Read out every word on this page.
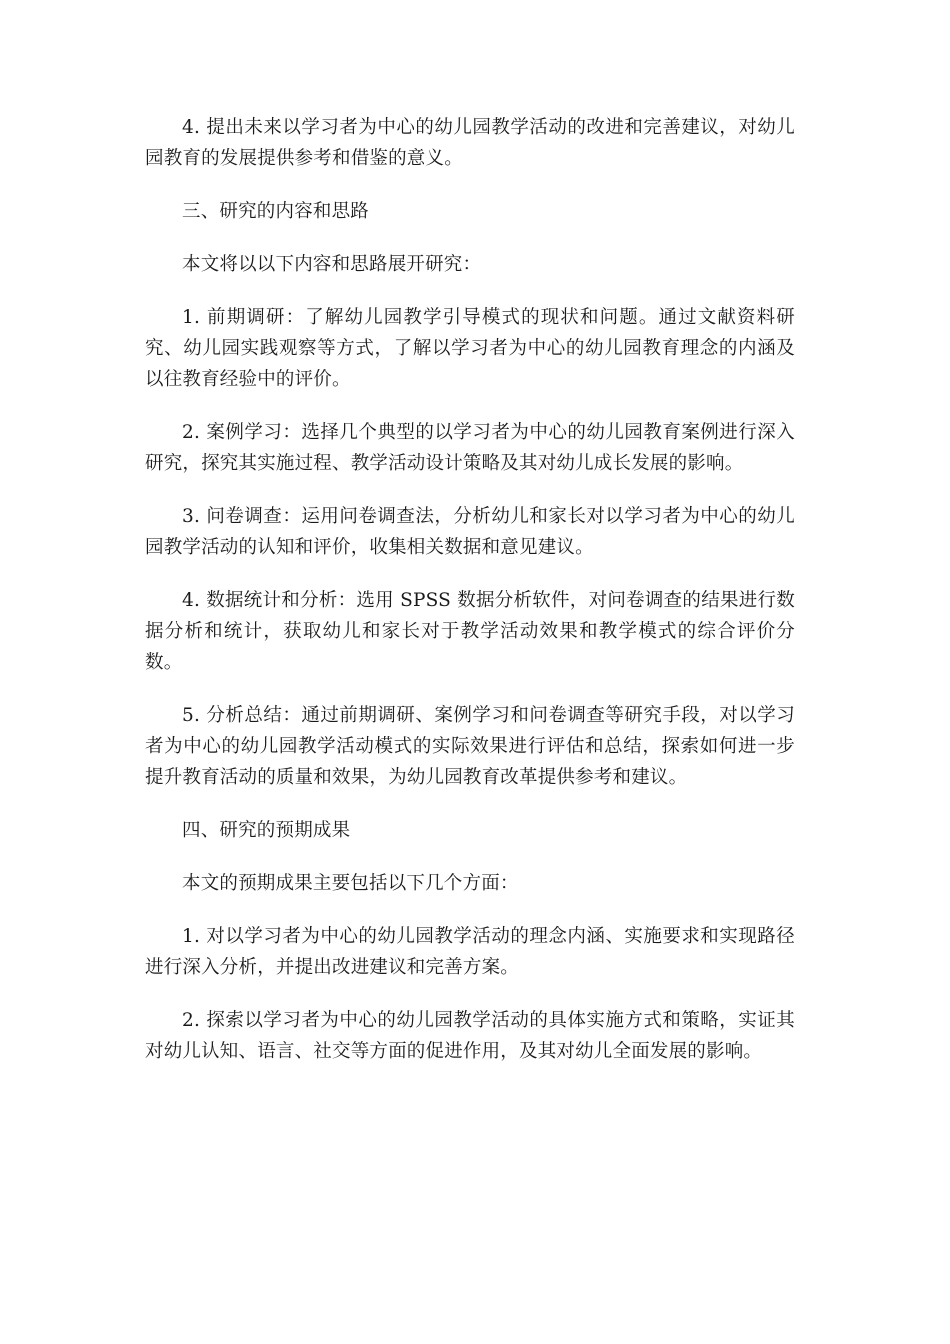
4. 提出未来以学习者为中心的幼儿园教学活动的改进和完善建议，对幼儿园教育的发展提供参考和借鉴的意义。

三、研究的内容和思路

本文将以以下内容和思路展开研究：

1. 前期调研：了解幼儿园教学引导模式的现状和问题。通过文献资料研究、幼儿园实践观察等方式，了解以学习者为中心的幼儿园教育理念的内涵及以往教育经验中的评价。

2. 案例学习：选择几个典型的以学习者为中心的幼儿园教育案例进行深入研究，探究其实施过程、教学活动设计策略及其对幼儿成长发展的影响。

3. 问卷调查：运用问卷调查法，分析幼儿和家长对以学习者为中心的幼儿园教学活动的认知和评价，收集相关数据和意见建议。

4. 数据统计和分析：选用 SPSS 数据分析软件，对问卷调查的结果进行数据分析和统计，获取幼儿和家长对于教学活动效果和教学模式的综合评价分数。

5. 分析总结：通过前期调研、案例学习和问卷调查等研究手段，对以学习者为中心的幼儿园教学活动模式的实际效果进行评估和总结，探索如何进一步提升教育活动的质量和效果，为幼儿园教育改革提供参考和建议。

四、研究的预期成果

本文的预期成果主要包括以下几个方面：

1. 对以学习者为中心的幼儿园教学活动的理念内涵、实施要求和实现路径进行深入分析，并提出改进建议和完善方案。

2. 探索以学习者为中心的幼儿园教学活动的具体实施方式和策略，实证其对幼儿认知、语言、社交等方面的促进作用，及其对幼儿全面发展的影响。
